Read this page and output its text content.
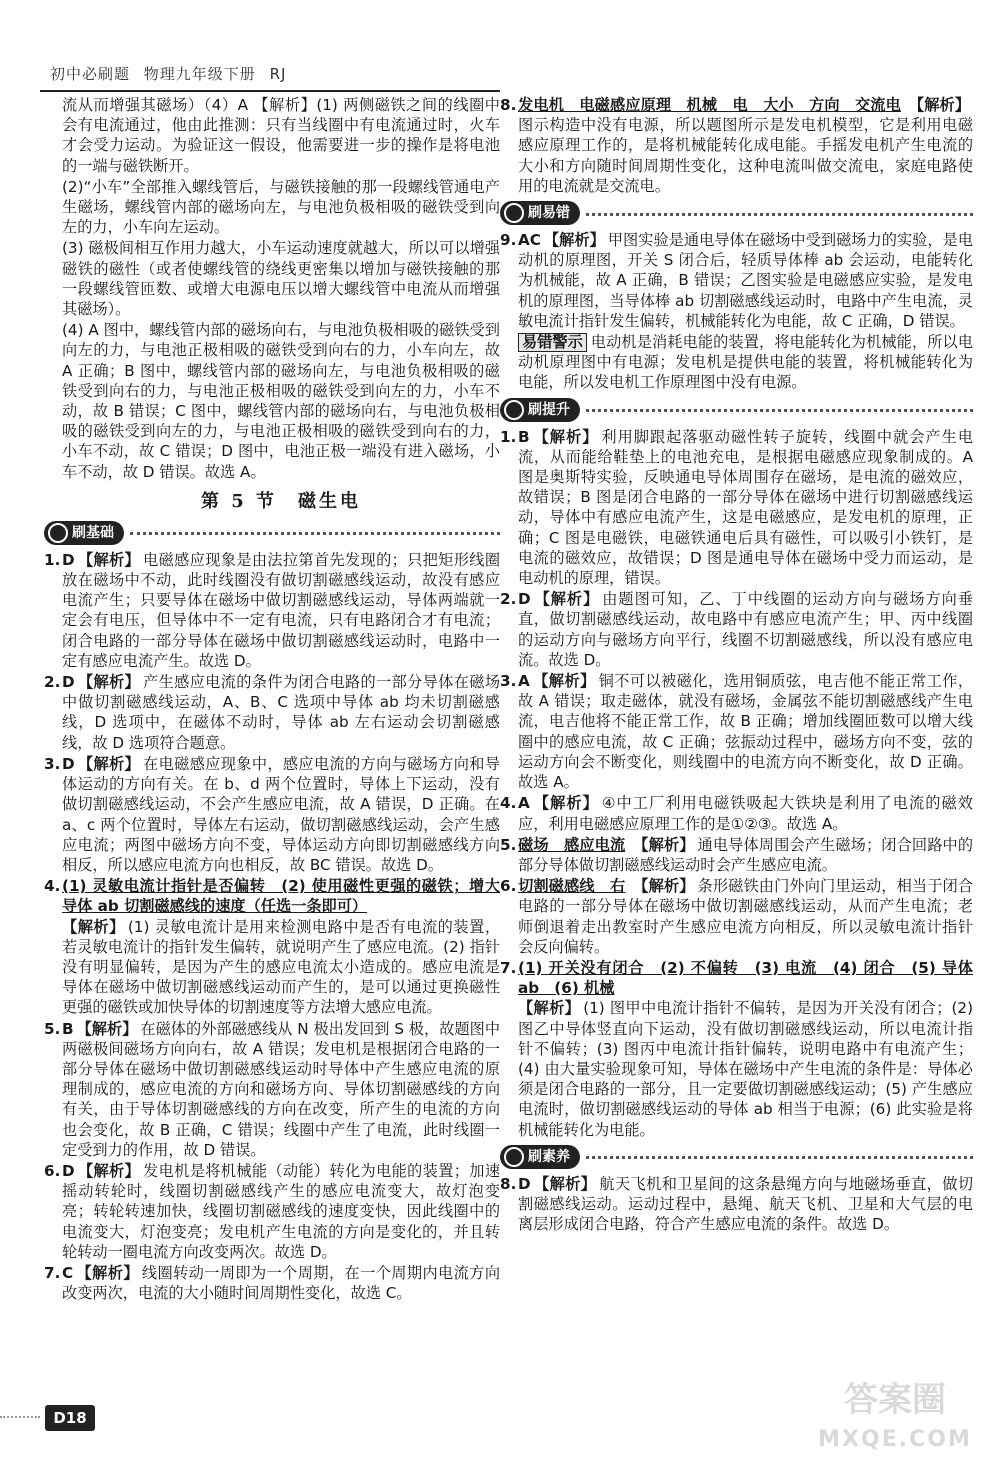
初中必刷题 物理九年级下册 RJ

流从而增强其磁场）（4）A 【解析】(1) 两侧磁铁之间的线圈中会有电流通过，他由此推测：只有当线圈中有电流通过时，火车才会受力运动。为验证这一假设，他需要进一步的操作是将电池的一端与磁铁断开。

(2)“小车”全部推入螺线管后，与磁铁接触的那一段螺线管通电产生磁场，螺线管内部的磁场向左，与电池负极相吸的磁铁受到向左的力，小车向左运动。

(3) 磁极间相互作用力越大，小车运动速度就越大，所以可以增强磁铁的磁性（或者使螺线管的绕线更密集以增加与磁铁接触的那一段螺线管匝数、或增大电源电压以增大螺线管中电流从而增强其磁场）。

(4) A 图中，螺线管内部的磁场向右，与电池负极相吸的磁铁受到向左的力，与电池正极相吸的磁铁受到向右的力，小车向左，故 A 正确；B 图中，螺线管内部的磁场向左，与电池负极相吸的磁铁受到向右的力，与电池正极相吸的磁铁受到向左的力，小车不动，故 B 错误；C 图中，螺线管内部的磁场向右，与电池负极相吸的磁铁受到向左的力，与电池正极相吸的磁铁受到向右的力，小车不动，故 C 错误；D 图中，电池正极一端没有进入磁场，小车不动，故 D 错误。故选 A。

第 5 节　磁生电
刷基础
1. D 【解析】 电磁感应现象是由法拉第首先发现的；只把矩形线圈放在磁场中不动，此时线圈没有做切割磁感线运动，故没有感应电流产生；只要导体在磁场中做切割磁感线运动，导体两端就一定会有电压，但导体中不一定有电流，只有电路闭合才有电流；闭合电路的一部分导体在磁场中做切割磁感线运动时，电路中一定有感应电流产生。故选 D。
2. D 【解析】 产生感应电流的条件为闭合电路的一部分导体在磁场中做切割磁感线运动，A、B、C 选项中导体 ab 均未切割磁感线，D 选项中，在磁体不动时，导体 ab 左右运动会切割磁感线，故 D 选项符合题意。
3. D 【解析】 在电磁感应现象中，感应电流的方向与磁场方向和导体运动的方向有关。在 b、d 两个位置时，导体上下运动，没有做切割磁感线运动，不会产生感应电流，故 A 错误，D 正确。在 a、c 两个位置时，导体左右运动，做切割磁感线运动，会产生感应电流；两图中磁场方向不变，导体运动方向即切割磁感线方向相反，所以感应电流方向也相反，故 BC 错误。故选 D。
4. (1) 灵敏电流计指针是否偏转　(2) 使用磁性更强的磁铁；增大导体 ab 切割磁感线的速度（任选一条即可）
【解析】 (1) 灵敏电流计是用来检测电路中是否有电流的装置，若灵敏电流计的指针发生偏转，就说明产生了感应电流。(2) 指针没有明显偏转，是因为产生的感应电流太小造成的。感应电流是导体在磁场中做切割磁感线运动而产生的，是可以通过更换磁性更强的磁铁或加快导体的切割速度等方法增大感应电流。
5. B 【解析】 在磁体的外部磁感线从 N 极出发回到 S 极，故题图中两磁极间磁场方向向右，故 A 错误；发电机是根据闭合电路的一部分导体在磁场中做切割磁感线运动时导体中产生感应电流的原理制成的，感应电流的方向和磁场方向、导体切割磁感线的方向有关，由于导体切割磁感线的方向在改变，所产生的电流的方向也会变化，故 B 正确，C 错误；线圈中产生了电流，此时线圈一定受到力的作用，故 D 错误。
6. D 【解析】 发电机是将机械能（动能）转化为电能的装置；加速摇动转轮时，线圈切割磁感线产生的感应电流变大，故灯泡变亮；转轮转速加快，线圈切割磁感线的速度变快，因此线圈中的电流变大，灯泡变亮；发电机产生电流的方向是变化的，并且转轮转动一圈电流方向改变两次。故选 D。
7. C 【解析】 线圈转动一周即为一个周期，在一个周期内电流方向改变两次，电流的大小随时间周期性变化，故选 C。
8. 发电机　电磁感应原理　机械　电　大小　方向　交流电 【解析】图示构造中没有电源，所以题图所示是发电机模型，它是利用电磁感应原理工作的，是将机械能转化成电能。手摇发电机产生电流的大小和方向随时间周期性变化，这种电流叫做交流电，家庭电路使用的电流就是交流电。
刷易错
9. AC 【解析】 甲图实验是通电导体在磁场中受到磁场力的实验，是电动机的原理图，开关 S 闭合后，轻质导体棒 ab 会运动，电能转化为机械能，故 A 正确，B 错误；乙图实验是电磁感应实验，是发电机的原理图，当导体棒 ab 切割磁感线运动时，电路中产生电流，灵敏电流计指针发生偏转，机械能转化为电能，故 C 正确，D 错误。
易错警示 电动机是消耗电能的装置，将电能转化为机械能，所以电动机原理图中有电源；发电机是提供电能的装置，将机械能转化为电能，所以发电机工作原理图中没有电源。
刷提升
1. B 【解析】 利用脚跟起落驱动磁性转子旋转，线圈中就会产生电流，从而能给鞋垫上的电池充电，是根据电磁感应现象制成的。A 图是奥斯特实验，反映通电导体周围存在磁场，是电流的磁效应，故错误；B 图是闭合电路的一部分导体在磁场中进行切割磁感线运动，导体中有感应电流产生，这是电磁感应，是发电机的原理，正确；C 图是电磁铁，电磁铁通电后具有磁性，可以吸引小铁钉，是电流的磁效应，故错误；D 图是通电导体在磁场中受力而运动，是电动机的原理，错误。
2. D 【解析】 由题图可知，乙、丁中线圈的运动方向与磁场方向垂直，做切割磁感线运动，故电路中有感应电流产生；甲、丙中线圈的运动方向与磁场方向平行，线圈不切割磁感线，所以没有感应电流。故选 D。
3. A 【解析】 铜不可以被磁化，选用铜质弦，电吉他不能正常工作，故 A 错误；取走磁体，就没有磁场，金属弦不能切割磁感线产生电流，电吉他将不能正常工作，故 B 正确；增加线圈匝数可以增大线圈中的感应电流，故 C 正确；弦振动过程中，磁场方向不变，弦的运动方向会不断变化，则线圈中的电流方向不断变化，故 D 正确。故选 A。
4. A 【解析】 ④中工厂利用电磁铁吸起大铁块是利用了电流的磁效应，利用电磁感应原理工作的是①②③。故选 A。
5. 磁场　感应电流 【解析】 通电导体周围会产生磁场；闭合回路中的部分导体做切割磁感线运动时会产生感应电流。
6. 切割磁感线　右 【解析】 条形磁铁由门外向门里运动，相当于闭合电路的一部分导体在磁场中做切割磁感线运动，从而产生电流；老师倒退着走出教室时产生感应电流方向相反，所以灵敏电流计指针会反向偏转。
7. (1) 开关没有闭合　(2) 不偏转　(3) 电流　(4) 闭合　(5) 导体 ab　(6) 机械
【解析】 (1) 图甲中电流计指针不偏转，是因为开关没有闭合；(2) 图乙中导体竖直向下运动，没有做切割磁感线运动，所以电流计指针不偏转；(3) 图丙中电流计指针偏转，说明电路中有电流产生；(4) 由大量实验现象可知，导体在磁场中产生电流的条件是：导体必须是闭合电路的一部分，且一定要做切割磁感线运动；(5) 产生感应电流时，做切割磁感线运动的导体 ab 相当于电源；(6) 此实验是将机械能转化为电能。
刷素养
8. D 【解析】 航天飞机和卫星间的这条悬绳方向与地磁场垂直，做切割磁感线运动。运动过程中，悬绳、航天飞机、卫星和大气层的电离层形成闭合电路，符合产生感应电流的条件。故选 D。
D18	答案圈
MXQE.COM
